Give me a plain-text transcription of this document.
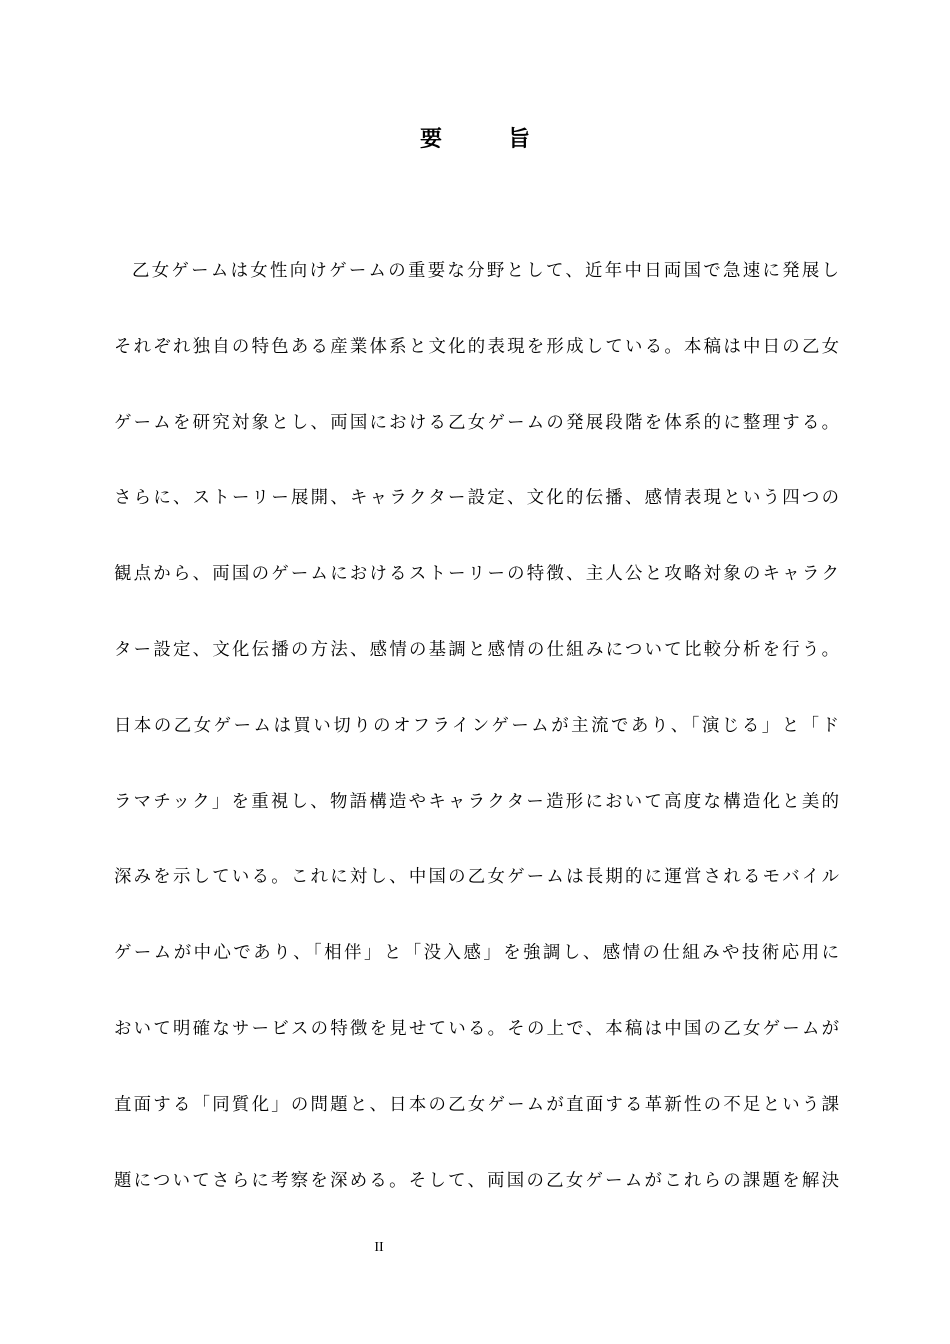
要　旨
乙女ゲームは女性向けゲームの重要な分野として、近年中日両国で急速に発展し
それぞれ独自の特色ある産業体系と文化的表現を形成している。本稿は中日の乙女
ゲームを研究対象とし、両国における乙女ゲームの発展段階を体系的に整理する。
さらに、ストーリー展開、キャラクター設定、文化的伝播、感情表現という四つの
観点から、両国のゲームにおけるストーリーの特徴、主人公と攻略対象のキャラク
ター設定、文化伝播の方法、感情の基調と感情の仕組みについて比較分析を行う。
日本の乙女ゲームは買い切りのオフラインゲームが主流であり、「演じる」と「ド
ラマチック」を重視し、物語構造やキャラクター造形において高度な構造化と美的
深みを示している。これに対し、中国の乙女ゲームは長期的に運営されるモバイル
ゲームが中心であり、「相伴」と「没入感」を強調し、感情の仕組みや技術応用に
おいて明確なサービスの特徴を見せている。その上で、本稿は中国の乙女ゲームが
直面する「同質化」の問題と、日本の乙女ゲームが直面する革新性の不足という課
題についてさらに考察を深める。そして、両国の乙女ゲームがこれらの課題を解決
II
